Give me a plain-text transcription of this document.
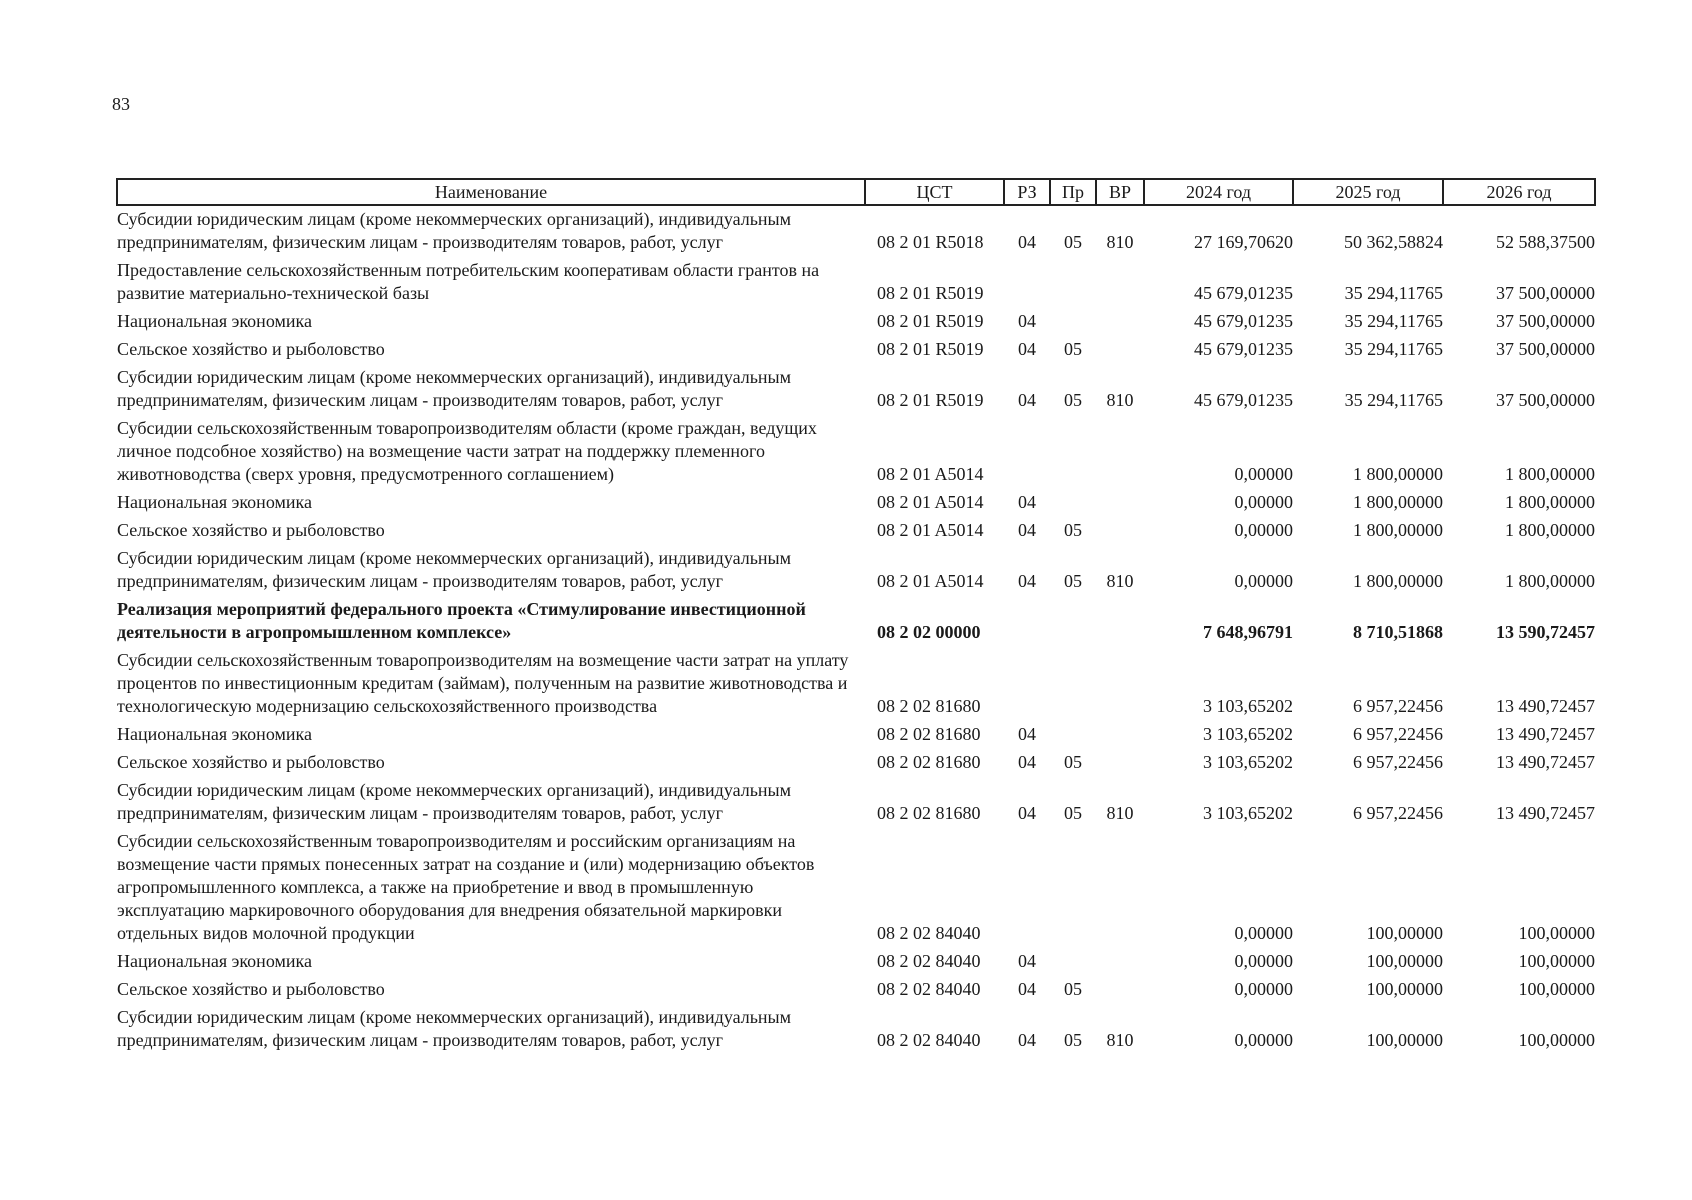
83
Наименование	ЦСТ	РЗ	Пр	ВР	2024 год	2025 год	2026 год
Субсидии юридическим лицам (кроме некоммерческих организаций), индивидуальным предпринимателям, физическим лицам - производителям товаров, работ, услуг	08 2 01 R5018	04	05	810	27 169,70620	50 362,58824	52 588,37500
Предоставление сельскохозяйственным потребительским кооперативам области грантов на развитие материально-технической базы	08 2 01 R5019				45 679,01235	35 294,11765	37 500,00000
Национальная экономика	08 2 01 R5019	04			45 679,01235	35 294,11765	37 500,00000
Сельское хозяйство и рыболовство	08 2 01 R5019	04	05		45 679,01235	35 294,11765	37 500,00000
Субсидии юридическим лицам (кроме некоммерческих организаций), индивидуальным предпринимателям, физическим лицам - производителям товаров, работ, услуг	08 2 01 R5019	04	05	810	45 679,01235	35 294,11765	37 500,00000
Субсидии сельскохозяйственным товаропроизводителям области (кроме граждан, ведущих личное подсобное хозяйство) на возмещение части затрат на поддержку племенного животноводства (сверх уровня, предусмотренного соглашением)	08 2 01 A5014				0,00000	1 800,00000	1 800,00000
Национальная экономика	08 2 01 A5014	04			0,00000	1 800,00000	1 800,00000
Сельское хозяйство и рыболовство	08 2 01 A5014	04	05		0,00000	1 800,00000	1 800,00000
Субсидии юридическим лицам (кроме некоммерческих организаций), индивидуальным предпринимателям, физическим лицам - производителям товаров, работ, услуг	08 2 01 A5014	04	05	810	0,00000	1 800,00000	1 800,00000
Реализация мероприятий федерального проекта «Стимулирование инвестиционной деятельности в агропромышленном комплексе»	08 2 02 00000				7 648,96791	8 710,51868	13 590,72457
Субсидии сельскохозяйственным товаропроизводителям на возмещение части затрат на уплату процентов по инвестиционным кредитам (займам), полученным на развитие животноводства и технологическую модернизацию сельскохозяйственного производства	08 2 02 81680				3 103,65202	6 957,22456	13 490,72457
Национальная экономика	08 2 02 81680	04			3 103,65202	6 957,22456	13 490,72457
Сельское хозяйство и рыболовство	08 2 02 81680	04	05		3 103,65202	6 957,22456	13 490,72457
Субсидии юридическим лицам (кроме некоммерческих организаций), индивидуальным предпринимателям, физическим лицам - производителям товаров, работ, услуг	08 2 02 81680	04	05	810	3 103,65202	6 957,22456	13 490,72457
Субсидии сельскохозяйственным товаропроизводителям и российским организациям на возмещение части прямых понесенных затрат на создание и (или) модернизацию объектов агропромышленного комплекса, а также на приобретение и ввод в промышленную эксплуатацию маркировочного оборудования для внедрения обязательной маркировки отдельных видов молочной продукции	08 2 02 84040				0,00000	100,00000	100,00000
Национальная экономика	08 2 02 84040	04			0,00000	100,00000	100,00000
Сельское хозяйство и рыболовство	08 2 02 84040	04	05		0,00000	100,00000	100,00000
Субсидии юридическим лицам (кроме некоммерческих организаций), индивидуальным предпринимателям, физическим лицам - производителям товаров, работ, услуг	08 2 02 84040	04	05	810	0,00000	100,00000	100,00000
